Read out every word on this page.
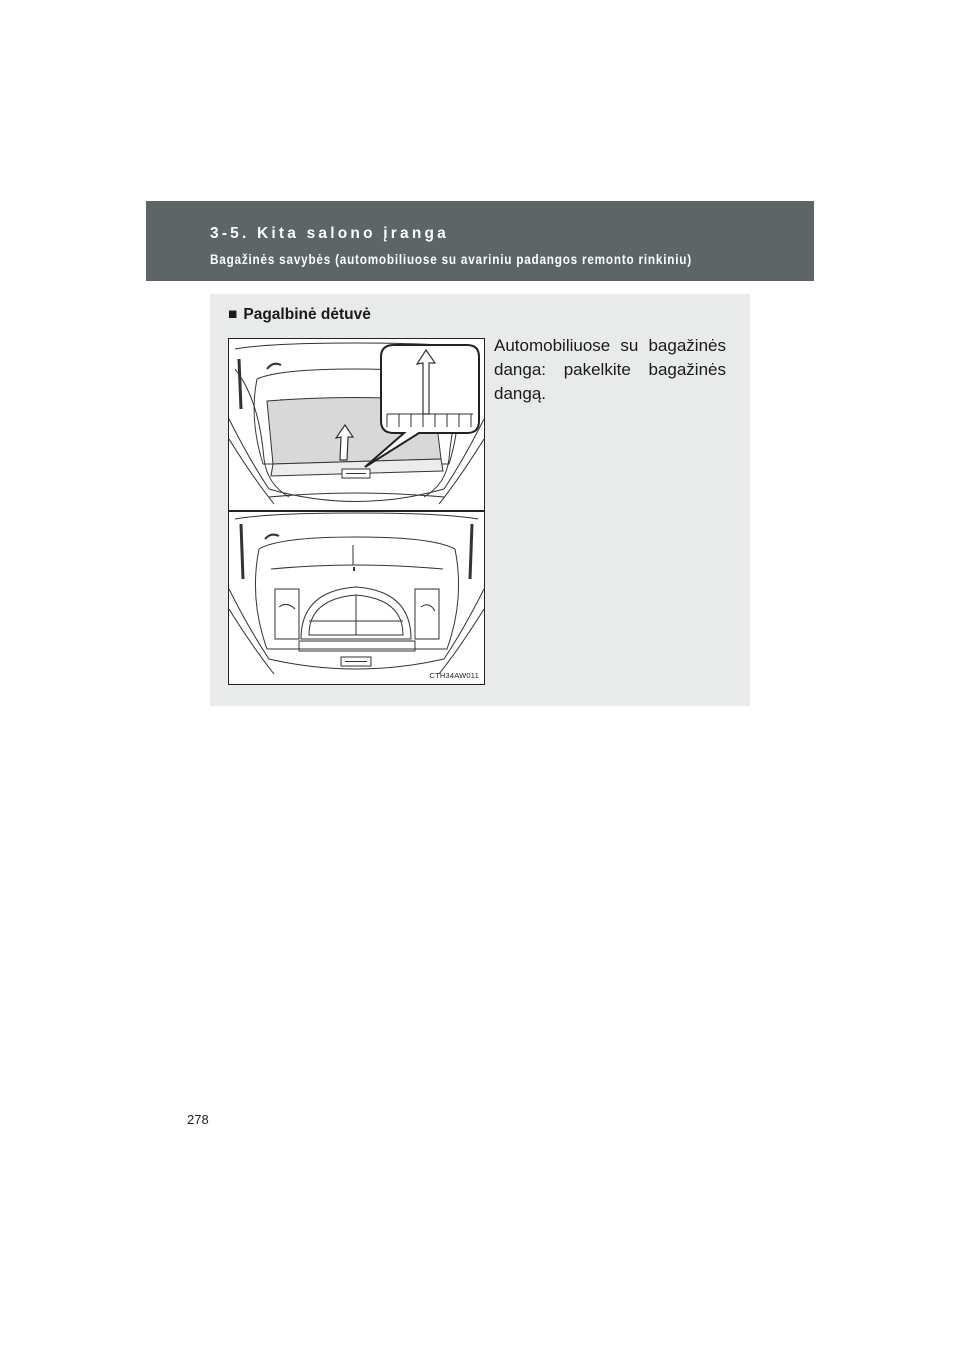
3-5. Kita salono įranga
Bagažinės savybės (automobiliuose su avariniu padangos remonto rinkiniu)
■ Pagalbinė dėtuvė
CTH34AW011
Automobiliuose su bagažinės danga: pakelkite bagažinės dangą.
278
